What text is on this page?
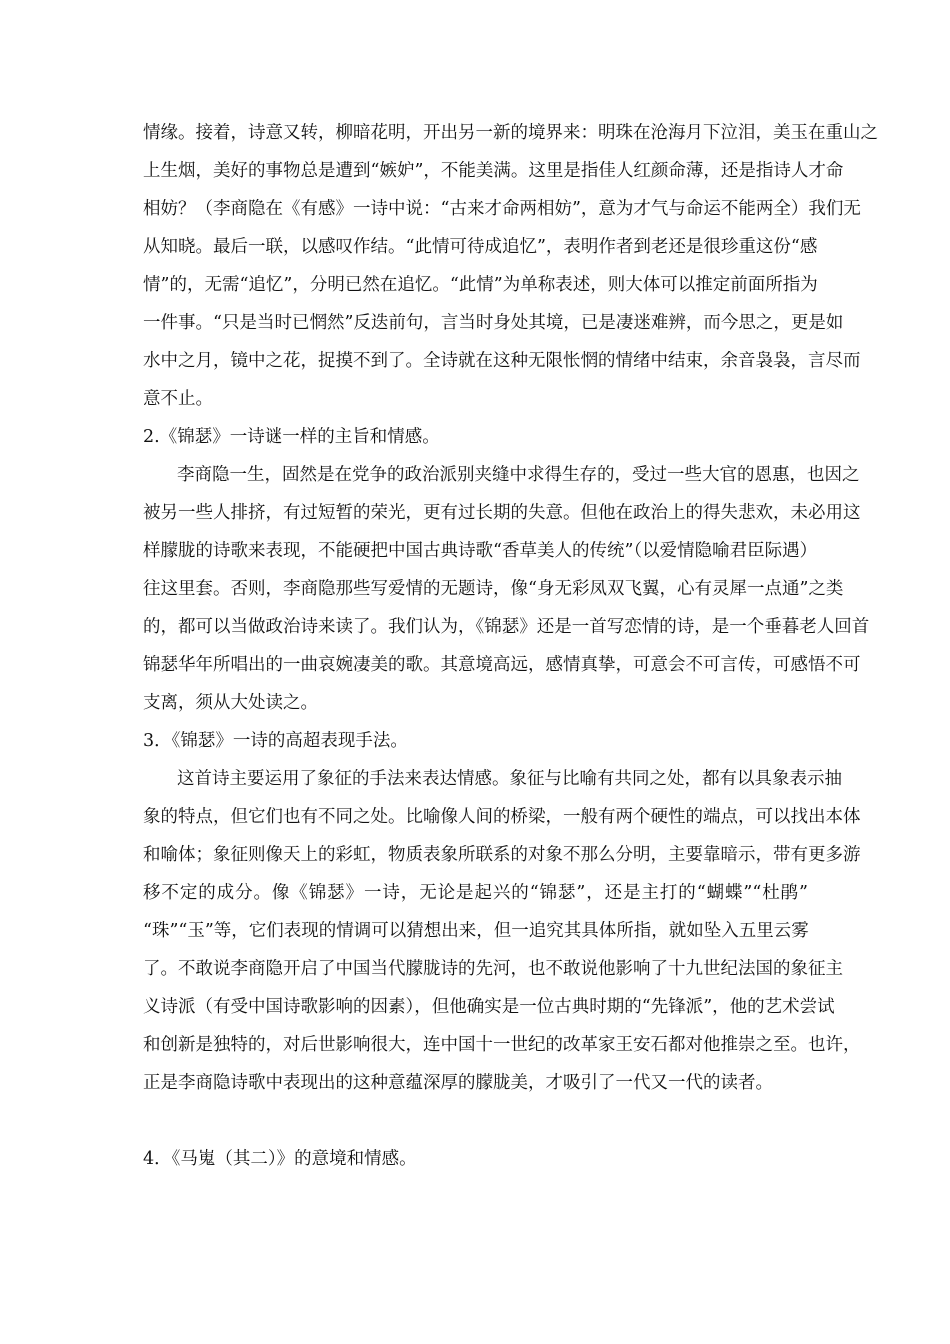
情缘。接着，诗意又转，柳暗花明，开出另一新的境界来：明珠在沧海月下泣泪，美玉在重山之
上生烟，美好的事物总是遭到“嫉妒”，不能美满。这里是指佳人红颜命薄，还是指诗人才命
相妨？（李商隐在《有感》一诗中说：“古来才命两相妨”，意为才气与命运不能两全）我们无
从知晓。最后一联，以感叹作结。“此情可待成追忆”，表明作者到老还是很珍重这份“感
情”的，无需“追忆”，分明已然在追忆。“此情”为单称表述，则大体可以推定前面所指为
一件事。“只是当时已惘然”反迭前句，言当时身处其境，已是凄迷难辨，而今思之，更是如
水中之月，镜中之花，捉摸不到了。全诗就在这种无限怅惘的情绪中结束，余音袅袅，言尽而
意不止。
2.《锦瑟》一诗谜一样的主旨和情感。
李商隐一生，固然是在党争的政治派别夹缝中求得生存的，受过一些大官的恩惠，也因之
被另一些人排挤，有过短暂的荣光，更有过长期的失意。但他在政治上的得失悲欢，未必用这
样朦胧的诗歌来表现，不能硬把中国古典诗歌“香草美人的传统”（以爱情隐喻君臣际遇）
往这里套。否则，李商隐那些写爱情的无题诗，像“身无彩凤双飞翼，心有灵犀一点通”之类
的，都可以当做政治诗来读了。我们认为，《锦瑟》还是一首写恋情的诗，是一个垂暮老人回首
锦瑟华年所唱出的一曲哀婉凄美的歌。其意境高远，感情真挚，可意会不可言传，可感悟不可
支离，须从大处读之。
3．《锦瑟》一诗的高超表现手法。
这首诗主要运用了象征的手法来表达情感。象征与比喻有共同之处，都有以具象表示抽
象的特点，但它们也有不同之处。比喻像人间的桥梁，一般有两个硬性的端点，可以找出本体
和喻体；象征则像天上的彩虹，物质表象所联系的对象不那么分明，主要靠暗示，带有更多游
移不定的成分。像《锦瑟》一诗，无论是起兴的“锦瑟”，还是主打的“蝴蝶”“杜鹃”
“珠”“玉”等，它们表现的情调可以猜想出来，但一追究其具体所指，就如坠入五里云雾
了。不敢说李商隐开启了中国当代朦胧诗的先河，也不敢说他影响了十九世纪法国的象征主
义诗派（有受中国诗歌影响的因素），但他确实是一位古典时期的“先锋派”，他的艺术尝试
和创新是独特的，对后世影响很大，连中国十一世纪的改革家王安石都对他推崇之至。也许，
正是李商隐诗歌中表现出的这种意蕴深厚的朦胧美，才吸引了一代又一代的读者。
4．《马嵬（其二）》的意境和情感。
